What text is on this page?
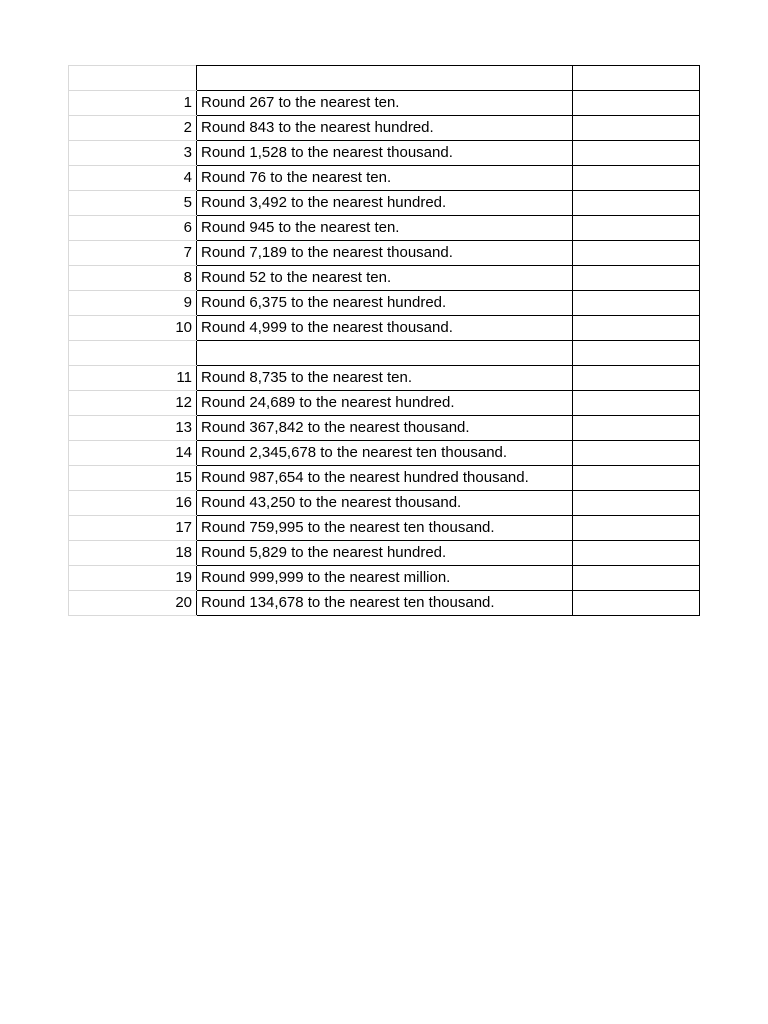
1	Round 267 to the nearest ten.	
2	Round 843 to the nearest hundred.	
3	Round 1,528 to the nearest thousand.	
4	Round 76 to the nearest ten.	
5	Round 3,492 to the nearest hundred.	
6	Round 945 to the nearest ten.	
7	Round 7,189 to the nearest thousand.	
8	Round 52 to the nearest ten.	
9	Round 6,375 to the nearest hundred.	
10	Round 4,999 to the nearest thousand.	

11	Round 8,735 to the nearest ten.	
12	Round 24,689 to the nearest hundred.	
13	Round 367,842 to the nearest thousand.	
14	Round 2,345,678 to the nearest ten thousand.	
15	Round 987,654 to the nearest hundred thousand.	
16	Round 43,250 to the nearest thousand.	
17	Round 759,995 to the nearest ten thousand.	
18	Round 5,829 to the nearest hundred.	
19	Round 999,999 to the nearest million.	
20	Round 134,678 to the nearest ten thousand.	
